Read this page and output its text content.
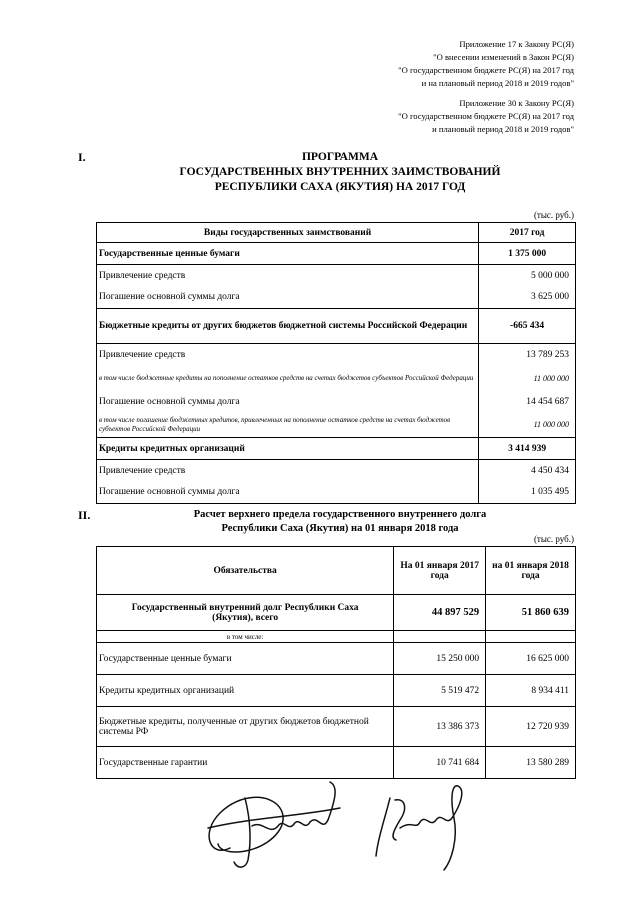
Приложение 17 к Закону РС(Я)
"О внесении изменений в Закон РС(Я)
"О государственном бюджете РС(Я) на 2017 год
и на плановый период 2018 и 2019 годов"
Приложение 30 к Закону РС(Я)
"О государственном бюджете РС(Я) на 2017 год
и плановый период 2018 и 2019 годов"
I.	ПРОГРАММА
ГОСУДАРСТВЕННЫХ ВНУТРЕННИХ ЗАИМСТВОВАНИЙ
РЕСПУБЛИКИ САХА (ЯКУТИЯ) НА 2017 ГОД
(тыс. руб.)
Виды государственных заимствований	2017 год
Государственные ценные бумаги	1 375 000
Привлечение средств	5 000 000
Погашение основной суммы долга	3 625 000
Бюджетные кредиты от других бюджетов бюджетной системы Российской Федерации	-665 434
Привлечение средств	13 789 253
в том числе бюджетные кредиты на пополнение остатков средств на счетах бюджетов субъектов Российской Федерации	11 000 000
Погашение основной суммы долга	14 454 687
в том числе погашение бюджетных кредитов, привлеченных на пополнение остатков средств на счетах бюджетов субъектов Российской Федерации	11 000 000
Кредиты кредитных организаций	3 414 939
Привлечение средств	4 450 434
Погашение основной суммы долга	1 035 495
II.	Расчет верхнего предела государственного внутреннего долга
Республики Саха (Якутия) на 01 января 2018 года
(тыс. руб.)
Обязательства	На 01 января 2017 года	на 01 января 2018 года
Государственный внутренний долг Республики Саха (Якутия), всего	44 897 529	51 860 639
в том числе:		
Государственные ценные бумаги	15 250 000	16 625 000
Кредиты кредитных организаций	5 519 472	8 934 411
Бюджетные кредиты, полученные от других бюджетов бюджетной системы РФ	13 386 373	12 720 939
Государственные гарантии	10 741 684	13 580 289
